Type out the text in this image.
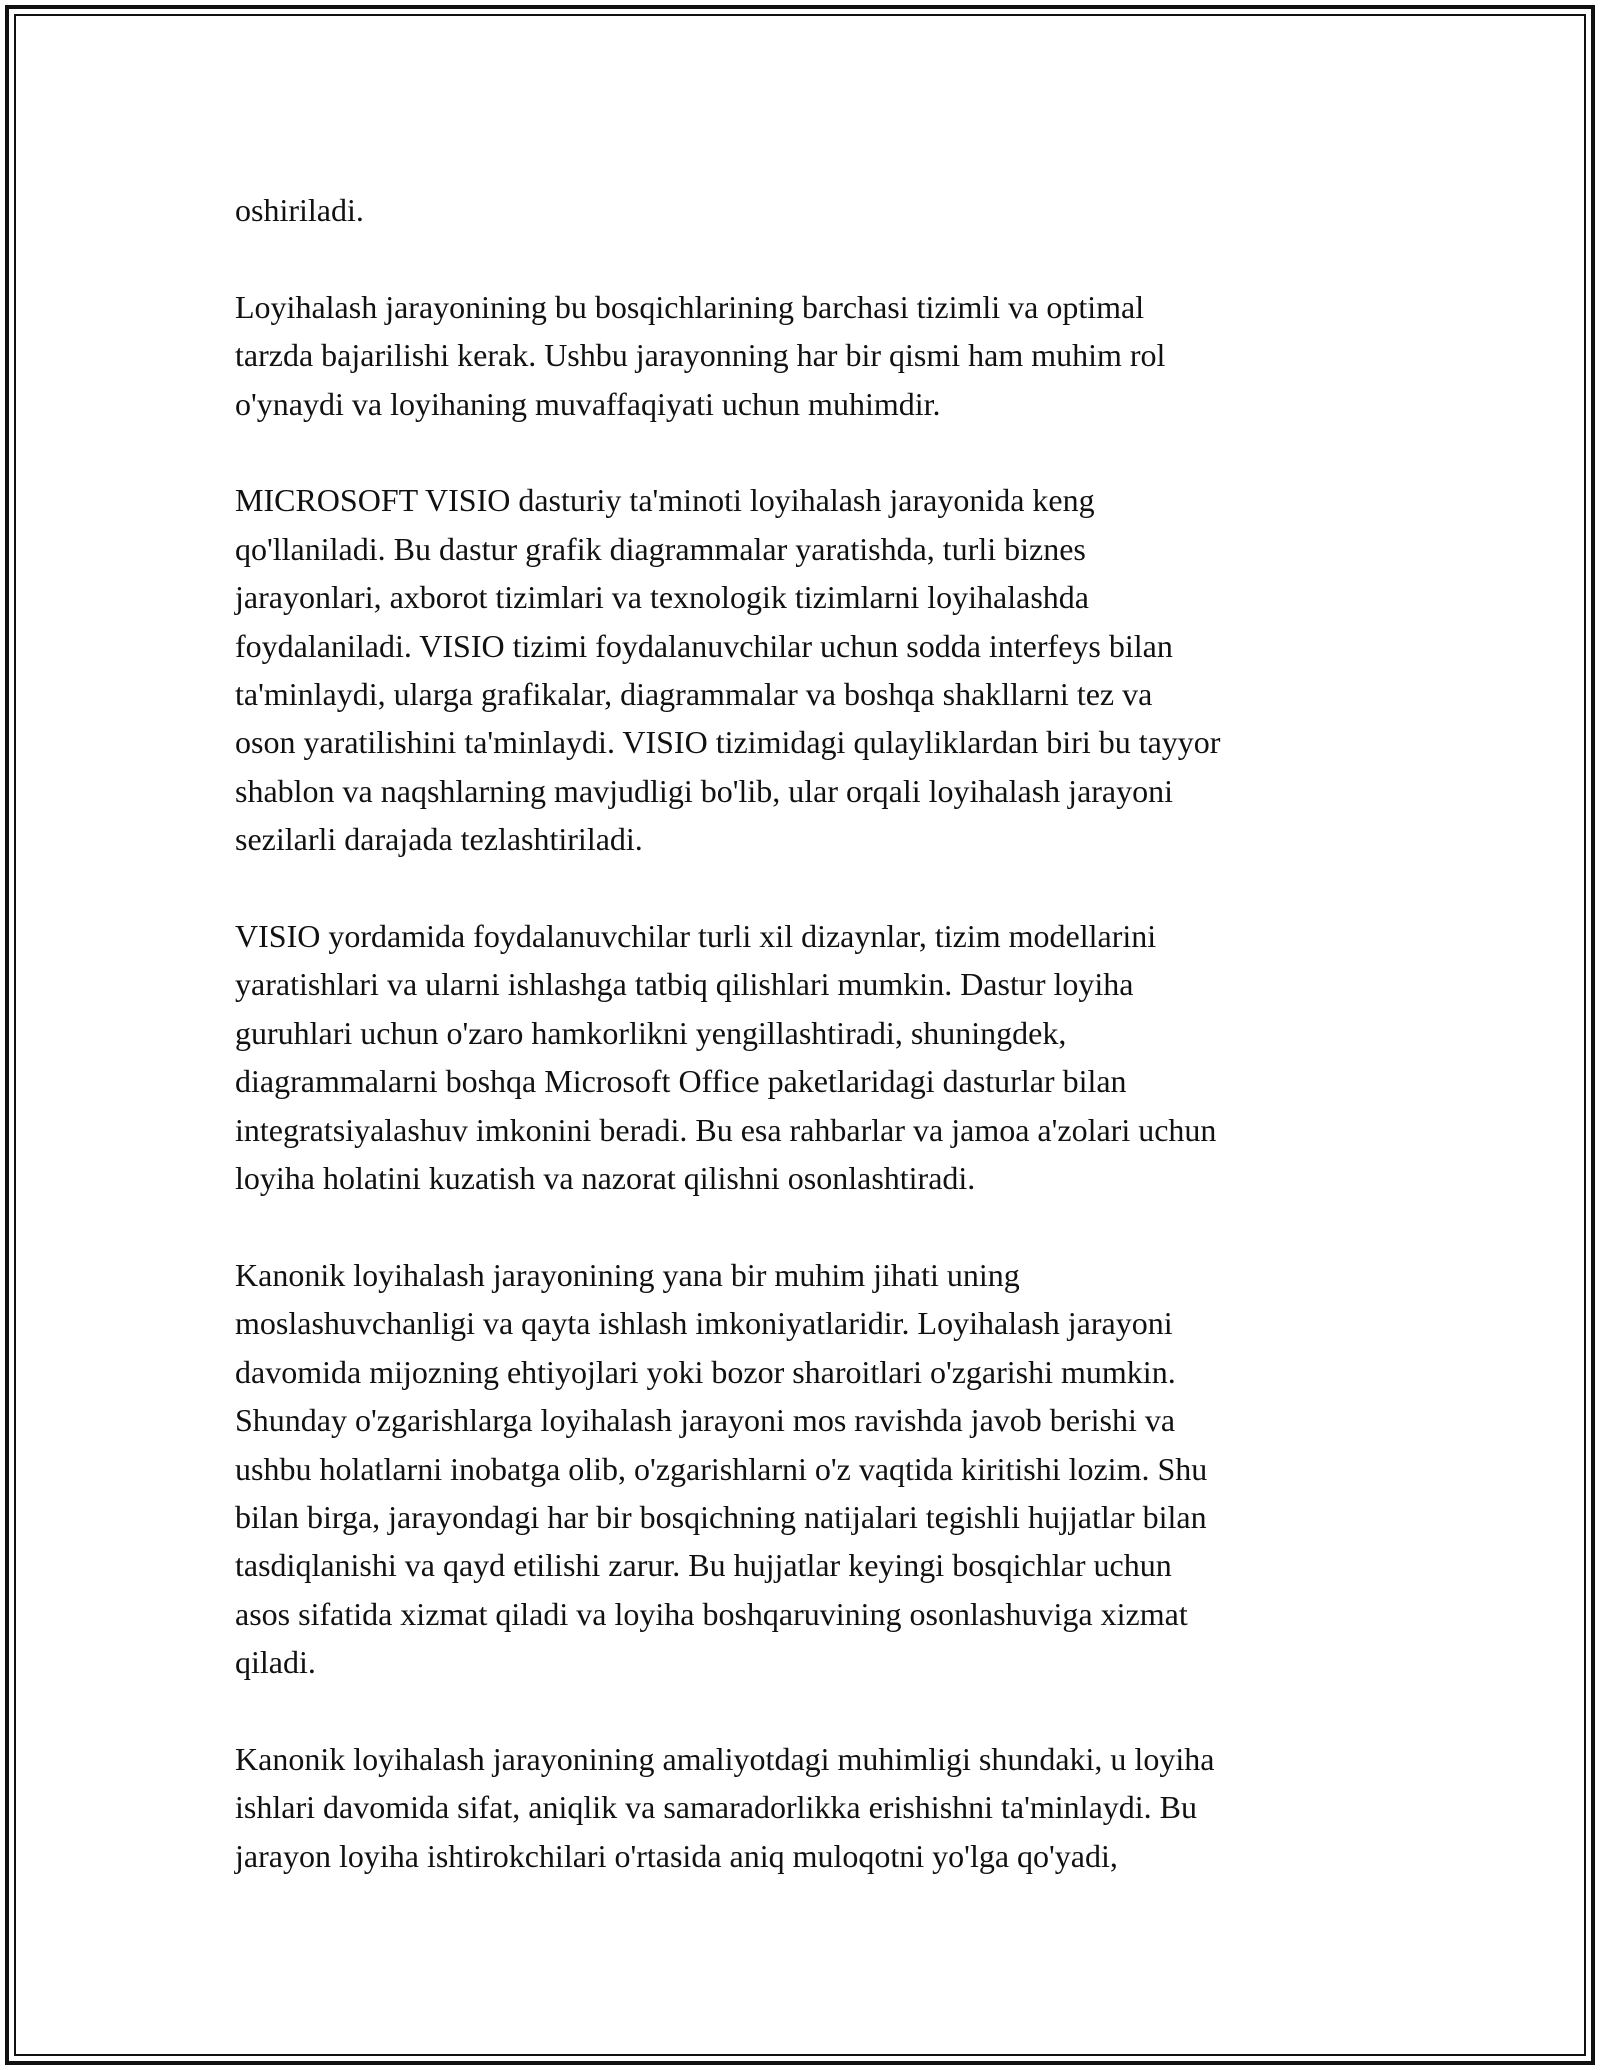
oshiriladi.

Loyihalash jarayonining bu bosqichlarining barchasi tizimli va optimal
tarzda bajarilishi kerak. Ushbu jarayonning har bir qismi ham muhim rol
o'ynaydi va loyihaning muvaffaqiyati uchun muhimdir.

MICROSOFT VISIO dasturiy ta'minoti loyihalash jarayonida keng
qo'llaniladi. Bu dastur grafik diagrammalar yaratishda, turli biznes
jarayonlari, axborot tizimlari va texnologik tizimlarni loyihalashda
foydalaniladi. VISIO tizimi foydalanuvchilar uchun sodda interfeys bilan
ta'minlaydi, ularga grafikalar, diagrammalar va boshqa shakllarni tez va
oson yaratilishini ta'minlaydi. VISIO tizimidagi qulayliklardan biri bu tayyor
shablon va naqshlarning mavjudligi bo'lib, ular orqali loyihalash jarayoni
sezilarli darajada tezlashtiriladi.

VISIO yordamida foydalanuvchilar turli xil dizaynlar, tizim modellarini
yaratishlari va ularni ishlashga tatbiq qilishlari mumkin. Dastur loyiha
guruhlari uchun o'zaro hamkorlikni yengillashtiradi, shuningdek,
diagrammalarni boshqa Microsoft Office paketlaridagi dasturlar bilan
integratsiyalashuv imkonini beradi. Bu esa rahbarlar va jamoa a'zolari uchun
loyiha holatini kuzatish va nazorat qilishni osonlashtiradi.

Kanonik loyihalash jarayonining yana bir muhim jihati uning
moslashuvchanligi va qayta ishlash imkoniyatlaridir. Loyihalash jarayoni
davomida mijozning ehtiyojlari yoki bozor sharoitlari o'zgarishi mumkin.
Shunday o'zgarishlarga loyihalash jarayoni mos ravishda javob berishi va
ushbu holatlarni inobatga olib, o'zgarishlarni o'z vaqtida kiritishi lozim. Shu
bilan birga, jarayondagi har bir bosqichning natijalari tegishli hujjatlar bilan
tasdiqlanishi va qayd etilishi zarur. Bu hujjatlar keyingi bosqichlar uchun
asos sifatida xizmat qiladi va loyiha boshqaruvining osonlashuviga xizmat
qiladi.

Kanonik loyihalash jarayonining amaliyotdagi muhimligi shundaki, u loyiha
ishlari davomida sifat, aniqlik va samaradorlikka erishishni ta'minlaydi. Bu
jarayon loyiha ishtirokchilari o'rtasida aniq muloqotni yo'lga qo'yadi,
